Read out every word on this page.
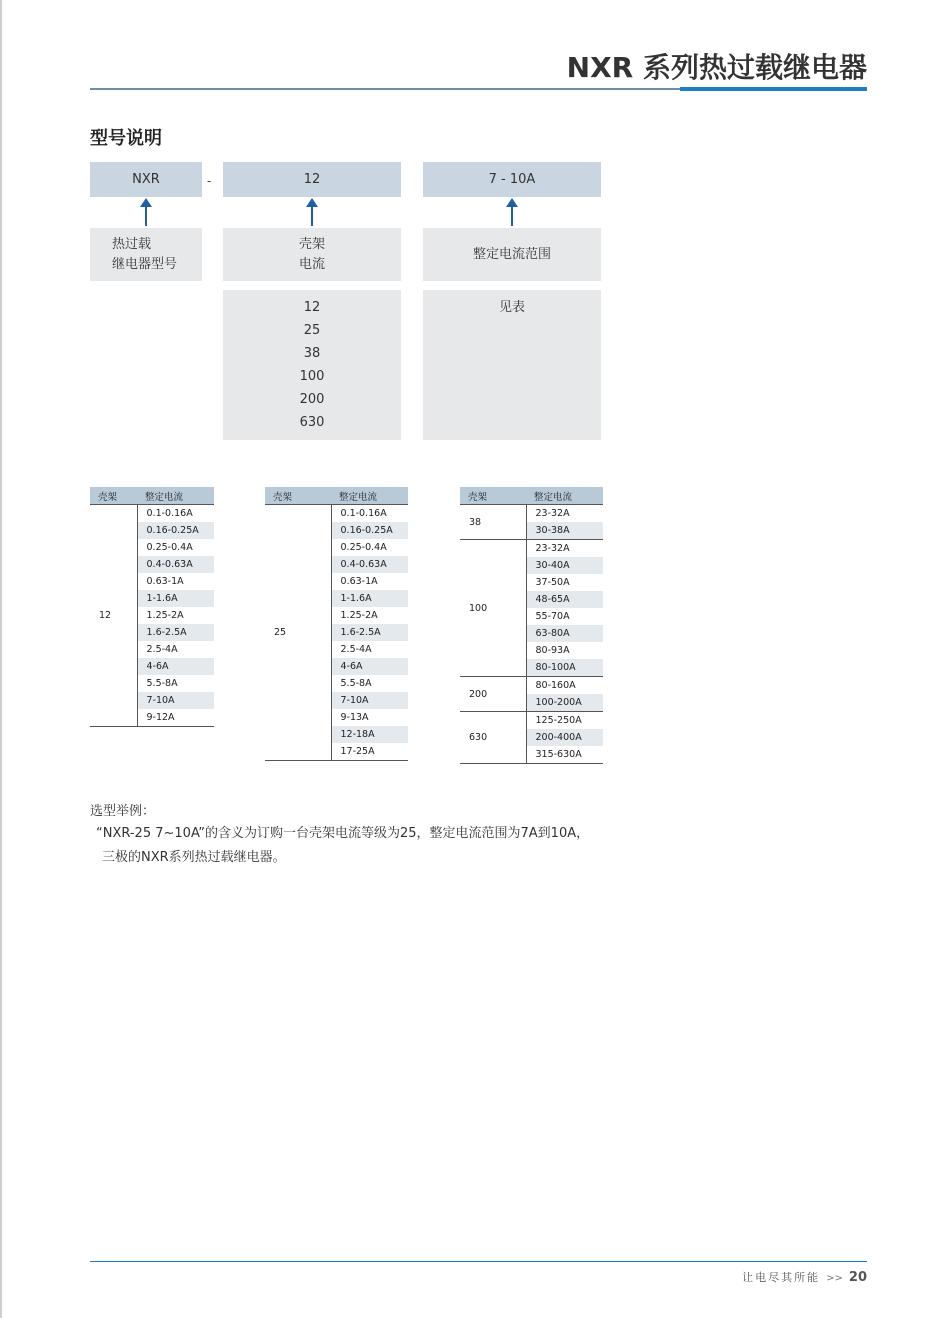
NXR 系列热过载继电器
型号说明
NXR	-	12	7 - 10A
热过载
继电器型号
壳架
电流
整定电流范围
12
25
38
100
200
630
见表
壳架	整定电流
12	0.1-0.16A
	0.16-0.25A
	0.25-0.4A
	0.4-0.63A
	0.63-1A
	1-1.6A
	1.25-2A
	1.6-2.5A
	2.5-4A
	4-6A
	5.5-8A
	7-10A
	9-12A
壳架	整定电流
25	0.1-0.16A
	0.16-0.25A
	0.25-0.4A
	0.4-0.63A
	0.63-1A
	1-1.6A
	1.25-2A
	1.6-2.5A
	2.5-4A
	4-6A
	5.5-8A
	7-10A
	9-13A
	12-18A
	17-25A
壳架	整定电流
38	23-32A
	30-38A
100	23-32A
	30-40A
	37-50A
	48-65A
	55-70A
	63-80A
	80-93A
	80-100A
200	80-160A
	100-200A
630	125-250A
	200-400A
	315-630A
选型举例：
“NXR-25 7~10A”的含义为订购一台壳架电流等级为25，整定电流范围为7A到10A，
三极的NXR系列热过载继电器。
让电尽其所能 >> 20
